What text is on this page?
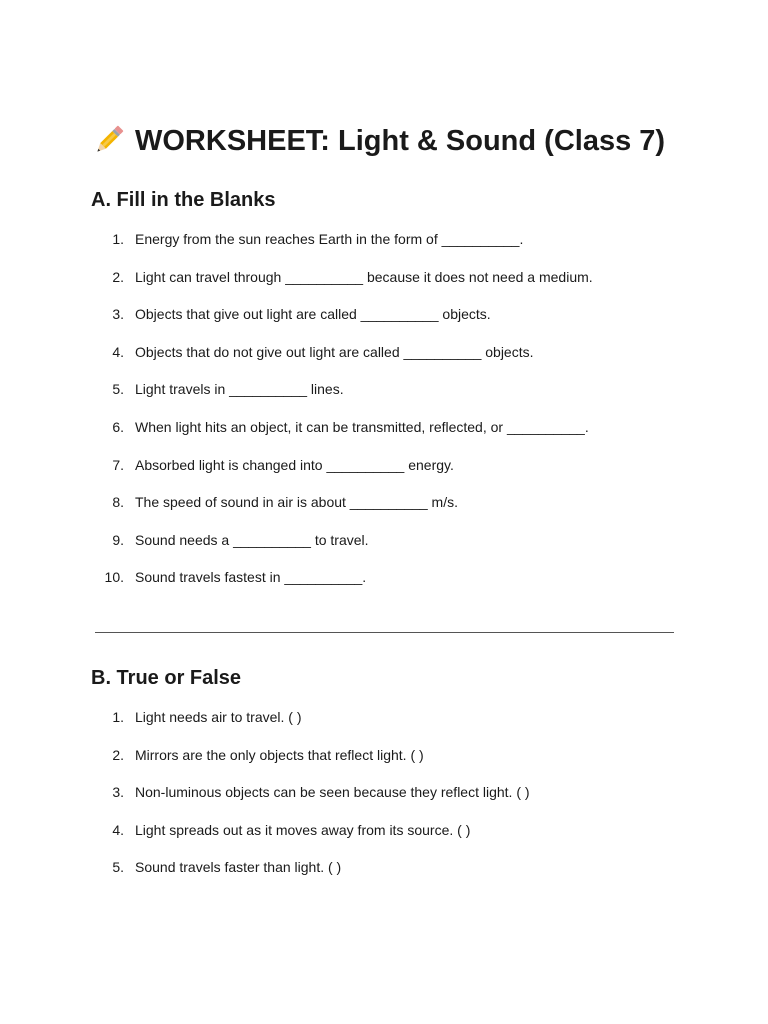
WORKSHEET: Light & Sound (Class 7)
A. Fill in the Blanks
1. Energy from the sun reaches Earth in the form of __________.
2. Light can travel through __________ because it does not need a medium.
3. Objects that give out light are called __________ objects.
4. Objects that do not give out light are called __________ objects.
5. Light travels in __________ lines.
6. When light hits an object, it can be transmitted, reflected, or __________.
7. Absorbed light is changed into __________ energy.
8. The speed of sound in air is about __________ m/s.
9. Sound needs a __________ to travel.
10. Sound travels fastest in __________.
B. True or False
1. Light needs air to travel. ( )
2. Mirrors are the only objects that reflect light. ( )
3. Non-luminous objects can be seen because they reflect light. ( )
4. Light spreads out as it moves away from its source. ( )
5. Sound travels faster than light. ( )
